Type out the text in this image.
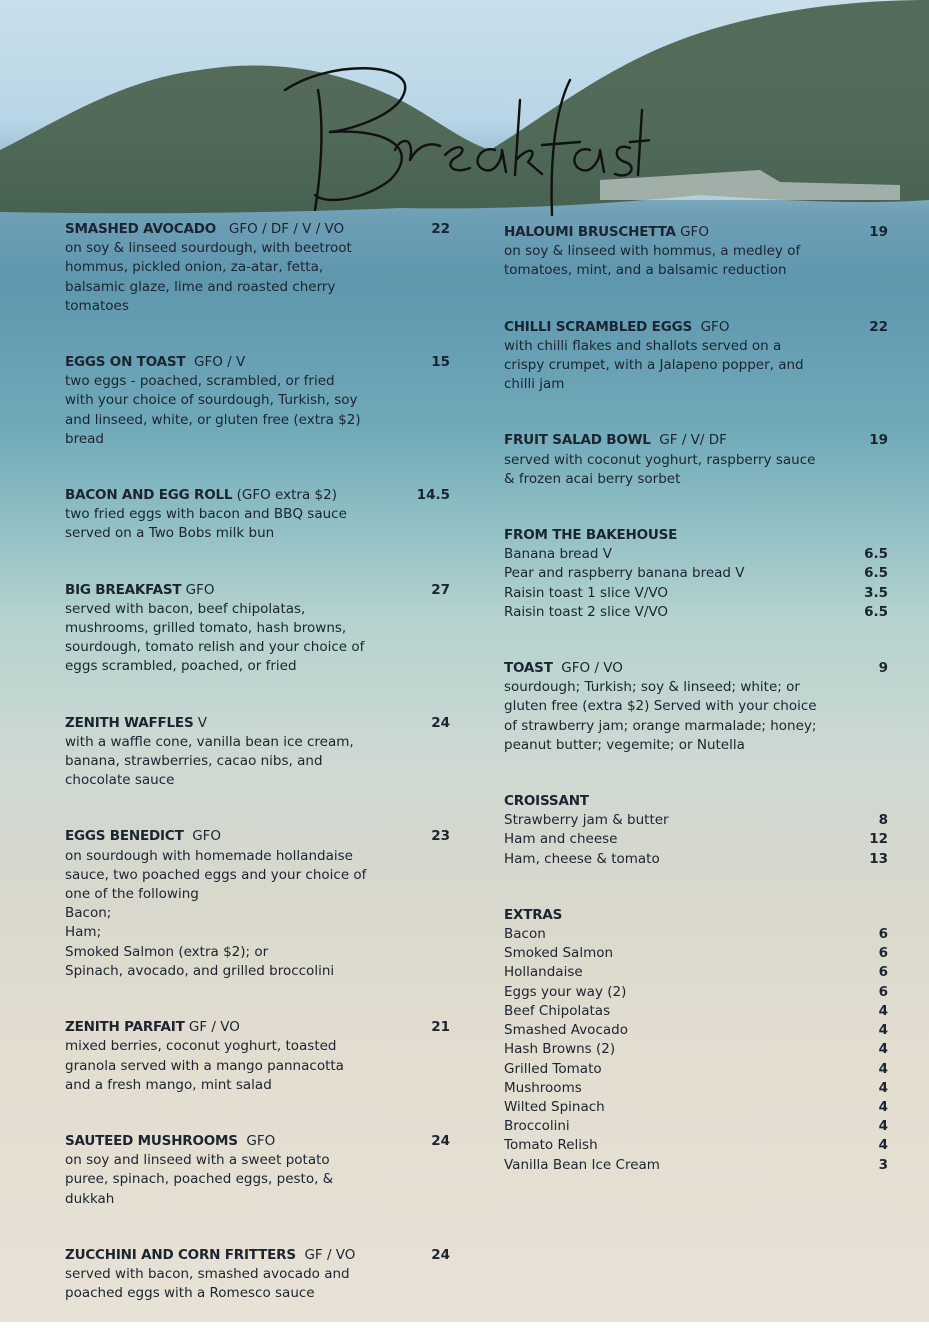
SMASHED AVOCADO GFO / DF / V / VO	22
on soy & linseed sourdough, with beetroot
hommus, pickled onion, za-atar, fetta,
balsamic glaze, lime and roasted cherry
tomatoes
EGGS ON TOAST GFO / V	15
two eggs - poached, scrambled, or fried
with your choice of sourdough, Turkish, soy
and linseed, white, or gluten free (extra $2)
bread
BACON AND EGG ROLL (GFO extra $2)	14.5
two fried eggs with bacon and BBQ sauce
served on a Two Bobs milk bun
BIG BREAKFAST GFO	27
served with bacon, beef chipolatas,
mushrooms, grilled tomato, hash browns,
sourdough, tomato relish and your choice of
eggs scrambled, poached, or fried
ZENITH WAFFLES V	24
with a waffle cone, vanilla bean ice cream,
banana, strawberries, cacao nibs, and
chocolate sauce
EGGS BENEDICT GFO	23
on sourdough with homemade hollandaise
sauce, two poached eggs and your choice of
one of the following
Bacon;
Ham;
Smoked Salmon (extra $2); or
Spinach, avocado, and grilled broccolini
ZENITH PARFAIT GF / VO	21
mixed berries, coconut yoghurt, toasted
granola served with a mango pannacotta
and a fresh mango, mint salad
SAUTEED MUSHROOMS GFO	24
on soy and linseed with a sweet potato
puree, spinach, poached eggs, pesto, &
dukkah
ZUCCHINI AND CORN FRITTERS GF / VO	24
served with bacon, smashed avocado and
poached eggs with a Romesco sauce
HALOUMI BRUSCHETTA GFO	19
on soy & linseed with hommus, a medley of
tomatoes, mint, and a balsamic reduction
CHILLI SCRAMBLED EGGS GFO	22
with chilli flakes and shallots served on a
crispy crumpet, with a Jalapeno popper, and
chilli jam
FRUIT SALAD BOWL GF / V/ DF	19
served with coconut yoghurt, raspberry sauce
& frozen acai berry sorbet
FROM THE BAKEHOUSE
Banana bread V	6.5
Pear and raspberry banana bread V	6.5
Raisin toast 1 slice V/VO	3.5
Raisin toast 2 slice V/VO	6.5
TOAST GFO / VO	9
sourdough; Turkish; soy & linseed; white; or
gluten free (extra $2) Served with your choice
of strawberry jam; orange marmalade; honey;
peanut butter; vegemite; or Nutella
CROISSANT
Strawberry jam & butter	8
Ham and cheese	12
Ham, cheese & tomato	13
EXTRAS
Bacon	6
Smoked Salmon	6
Hollandaise	6
Eggs your way (2)	6
Beef Chipolatas	4
Smashed Avocado	4
Hash Browns (2)	4
Grilled Tomato	4
Mushrooms	4
Wilted Spinach	4
Broccolini	4
Tomato Relish	4
Vanilla Bean Ice Cream	3
